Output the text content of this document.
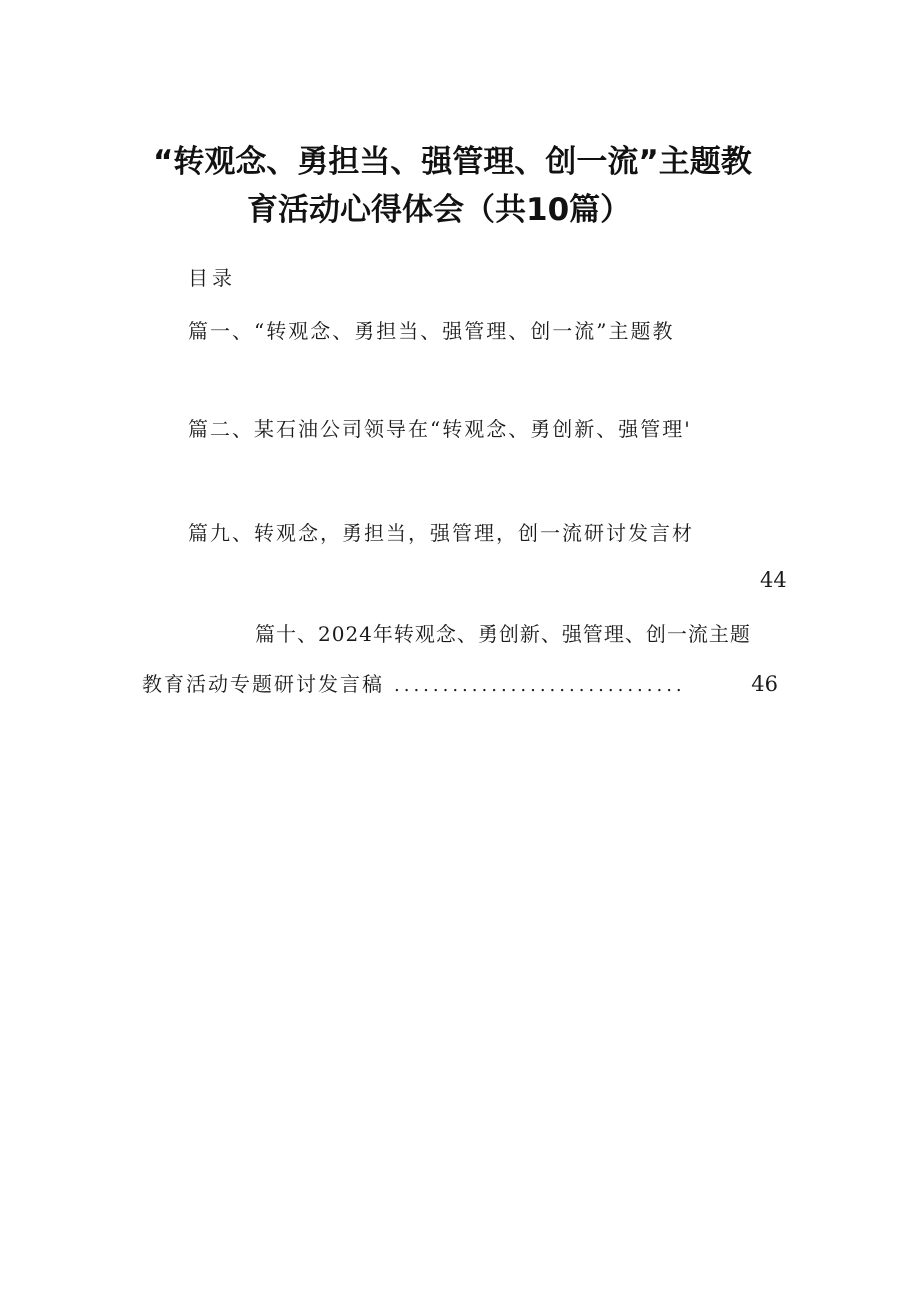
“转观念、勇担当、强管理、创一流”主题教
育活动心得体会（共10篇）
目录
篇一、“转观念、勇担当、强管理、创一流”主题教
篇二、某石油公司领导在“转观念、勇创新、强管理'
篇九、转观念，勇担当，强管理，创一流研讨发言材
44
篇十、2024年转观念、勇创新、强管理、创一流主题
教育活动专题研讨发言稿 ..............................	46
